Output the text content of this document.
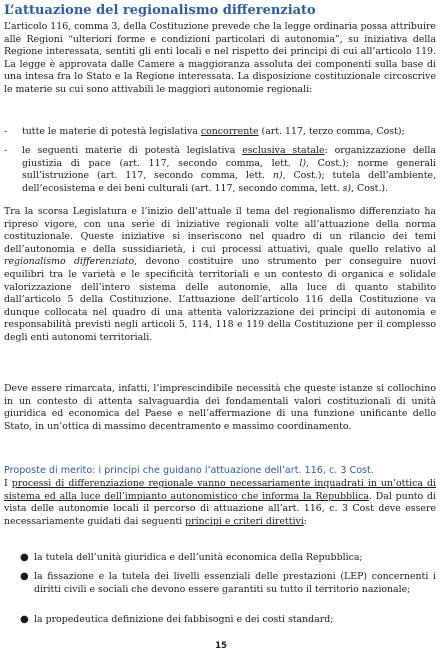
L’attuazione del regionalismo differenziato

L’articolo 116, comma 3, della Costituzione prevede che la legge ordinaria possa attribuire alle Regioni “ulteriori forme e condizioni particolari di autonomia”, su iniziativa della Regione interessata, sentiti gli enti locali e nel rispetto dei principi di cui all’articolo 119. La legge è approvata dalle Camere a maggioranza assoluta dei componenti sulla base di una intesa fra lo Stato e la Regione interessata. La disposizione costituzionale circoscrive le materie su cui sono attivabili le maggiori autonomie regionali:

- tutte le materie di potestà legislativa concorrente (art. 117, terzo comma, Cost);

- le seguenti materie di potestà legislativa esclusiva statale: organizzazione della giustizia di pace (art. 117, secondo comma, lett. l), Cost.); norme generali sull’istruzione (art. 117, secondo comma, lett. n), Cost.); tutela dell’ambiente, dell’ecosistema e dei beni culturali (art. 117, secondo comma, lett. s), Cost.).

Tra la scorsa Legislatura e l’inizio dell’attuale il tema del regionalismo differenziato ha ripreso vigore, con una serie di iniziative regionali volte all’attuazione della norma costituzionale. Queste iniziative si inseriscono nel quadro di un rilancio dei temi dell’autonomia e della sussidiarietà, i cui processi attuativi, quale quello relativo al regionalismo differenziato, devono costituire uno strumento per conseguire nuovi equilibri tra le varietà e le specificità territoriali e un contesto di organica e solidale valorizzazione dell’intero sistema delle autonomie, alla luce di quanto stabilito dall’articolo 5 della Costituzione. L’attuazione dell’articolo 116 della Costituzione va dunque collocata nel quadro di una attenta valorizzazione dei principi di autonomia e responsabilità previsti negli articoli 5, 114, 118 e 119 della Costituzione per il complesso degli enti autonomi territoriali.

Deve essere rimarcata, infatti, l’imprescindibile necessità che queste istanze si collochino in un contesto di attenta salvaguardia dei fondamentali valori costituzionali di unità giuridica ed economica del Paese e nell’affermazione di una funzione unificante dello Stato, in un’ottica di massimo decentramento e massimo coordinamento.

Proposte di merito: i principi che guidano l’attuazione dell’art. 116, c. 3 Cost.

I processi di differenziazione regionale vanno necessariamente inquadrati in un’ottica di sistema ed alla luce dell’impianto autonomistico che informa la Repubblica. Dal punto di vista delle autonomie locali il percorso di attuazione all’art. 116, c. 3 Cost deve essere necessariamente guidati dai seguenti principi e criteri direttivi:

● la tutela dell’unità giuridica e dell’unità economica della Repubblica;

● la fissazione e la tutela dei livelli essenziali delle prestazioni (LEP) concernenti i diritti civili e sociali che devono essere garantiti su tutto il territorio nazionale;

● la propedeutica definizione dei fabbisogni e dei costi standard;

15
